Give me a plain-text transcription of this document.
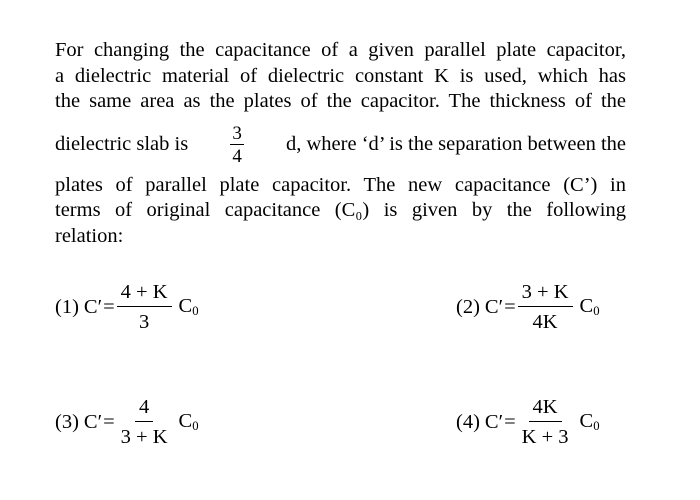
For changing the capacitance of a given parallel plate capacitor,
a dielectric material of dielectric constant K is used, which has
the same area as the plates of the capacitor. The thickness of the
dielectric slab is $\frac{3}{4} d$, where ‘d’ is the separation between the
plates of parallel plate capacitor. The new capacitance (C’) in
terms of original capacitance (C₀) is given by the following
relation:
(1) $C' = \frac{4 + K}{3} C_0$	(2) $C' = \frac{3 + K}{4K} C_0$
(3) $C' = \frac{4}{3 + K} C_0$	(4) $C' = \frac{4K}{K + 3} C_0$
